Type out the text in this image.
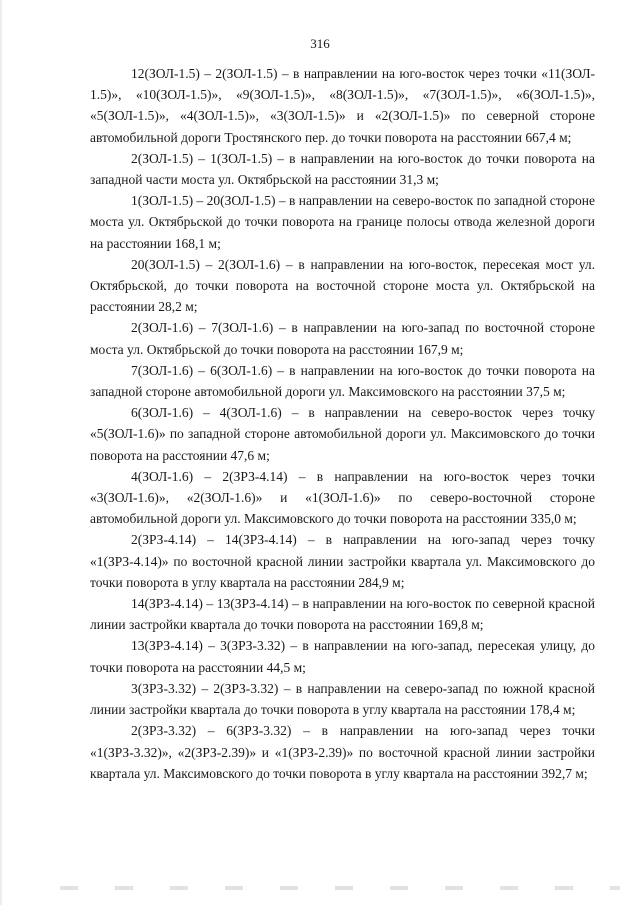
316

12(ЗОЛ-1.5) – 2(ЗОЛ-1.5) – в направлении на юго-восток через точки «11(ЗОЛ- 1.5)», «10(ЗОЛ-1.5)», «9(ЗОЛ-1.5)», «8(ЗОЛ-1.5)», «7(ЗОЛ-1.5)», «6(ЗОЛ-1.5)», «5(ЗОЛ-1.5)», «4(ЗОЛ-1.5)», «3(ЗОЛ-1.5)» и «2(ЗОЛ-1.5)» по северной стороне автомобильной дороги Тростянского пер. до точки поворота на расстоянии 667,4 м;

2(ЗОЛ-1.5) – 1(ЗОЛ-1.5) – в направлении на юго-восток до точки поворота на западной части моста ул. Октябрьской на расстоянии 31,3 м;

1(ЗОЛ-1.5) – 20(ЗОЛ-1.5) – в направлении на северо-восток по западной стороне моста ул. Октябрьской до точки поворота на границе полосы отвода железной дороги на расстоянии 168,1 м;

20(ЗОЛ-1.5) – 2(ЗОЛ-1.6) – в направлении на юго-восток, пересекая мост ул. Октябрьской, до точки поворота на восточной стороне моста ул. Октябрьской на расстоянии 28,2 м;

2(ЗОЛ-1.6) – 7(ЗОЛ-1.6) – в направлении на юго-запад по восточной стороне моста ул. Октябрьской до точки поворота на расстоянии 167,9 м;

7(ЗОЛ-1.6) – 6(ЗОЛ-1.6) – в направлении на юго-восток до точки поворота на западной стороне автомобильной дороги ул. Максимовского на расстоянии 37,5 м;

6(ЗОЛ-1.6) – 4(ЗОЛ-1.6) – в направлении на северо-восток через точку «5(ЗОЛ-1.6)» по западной стороне автомобильной дороги ул. Максимовского до точки поворота на расстоянии 47,6 м;

4(ЗОЛ-1.6) – 2(ЗРЗ-4.14) – в направлении на юго-восток через точки «3(ЗОЛ-1.6)», «2(ЗОЛ-1.6)» и «1(ЗОЛ-1.6)» по северо-восточной стороне автомобильной дороги ул. Максимовского до точки поворота на расстоянии 335,0 м;

2(ЗРЗ-4.14) – 14(ЗРЗ-4.14) – в направлении на юго-запад через точку «1(ЗРЗ-4.14)» по восточной красной линии застройки квартала ул. Максимовского до точки поворота в углу квартала на расстоянии 284,9 м;

14(ЗРЗ-4.14) – 13(ЗРЗ-4.14) – в направлении на юго-восток по северной красной линии застройки квартала до точки поворота на расстоянии 169,8 м;

13(ЗРЗ-4.14) – 3(ЗРЗ-3.32) – в направлении на юго-запад, пересекая улицу, до точки поворота на расстоянии 44,5 м;

3(ЗРЗ-3.32) – 2(ЗРЗ-3.32) – в направлении на северо-запад по южной красной линии застройки квартала до точки поворота в углу квартала на расстоянии 178,4 м;

2(ЗРЗ-3.32) – 6(ЗРЗ-3.32) – в направлении на юго-запад через точки «1(ЗРЗ-3.32)», «2(ЗРЗ-2.39)» и «1(ЗРЗ-2.39)» по восточной красной линии застройки квартала ул. Максимовского до точки поворота в углу квартала на расстоянии 392,7 м;
